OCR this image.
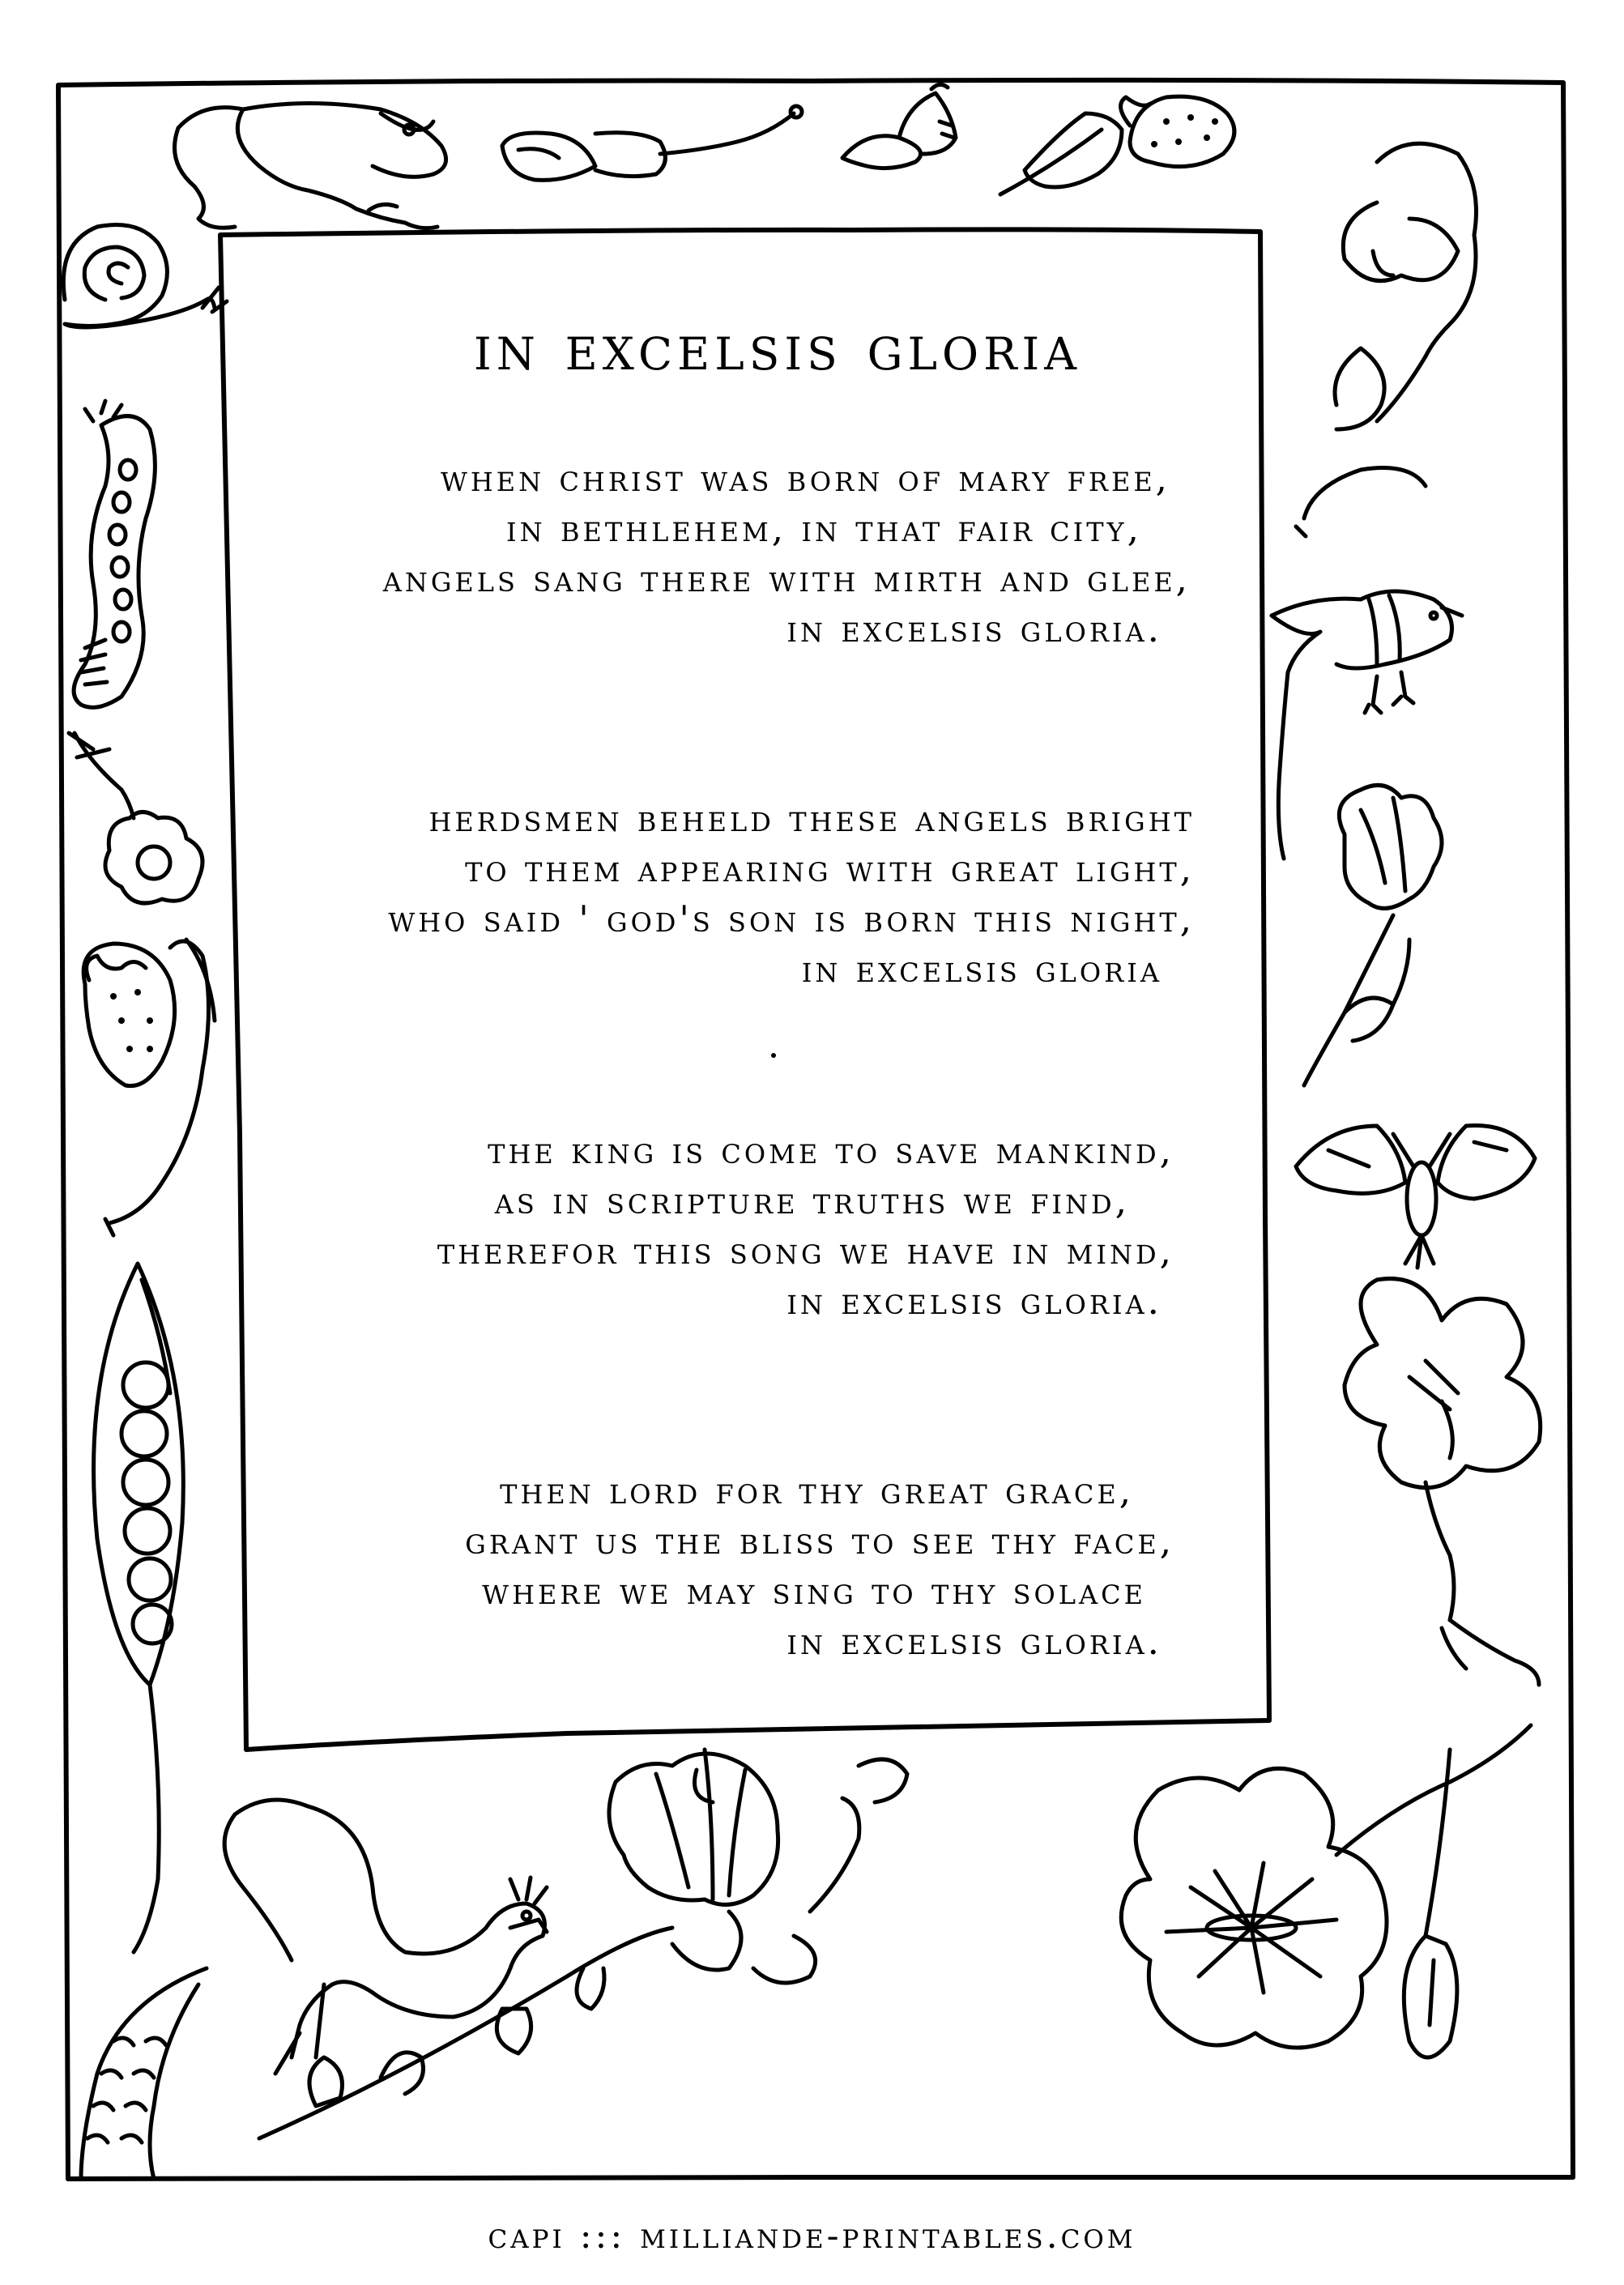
in excelsis gloria
when christ was born of mary free,
in bethlehem, in that fair city,
angels sang there with mirth and glee,
in excelsis gloria.
herdsmen beheld these angels bright
to them appearing with great light,
who said ' god's son is born this night,
in excelsis gloria
the king is come to save mankind,
as in scripture truths we find,
therefor this song we have in mind,
in excelsis gloria.
then lord for thy great grace,
grant us the bliss to see thy face,
where we may sing to thy solace
in excelsis gloria.
capi ::: milliande-printables.com
